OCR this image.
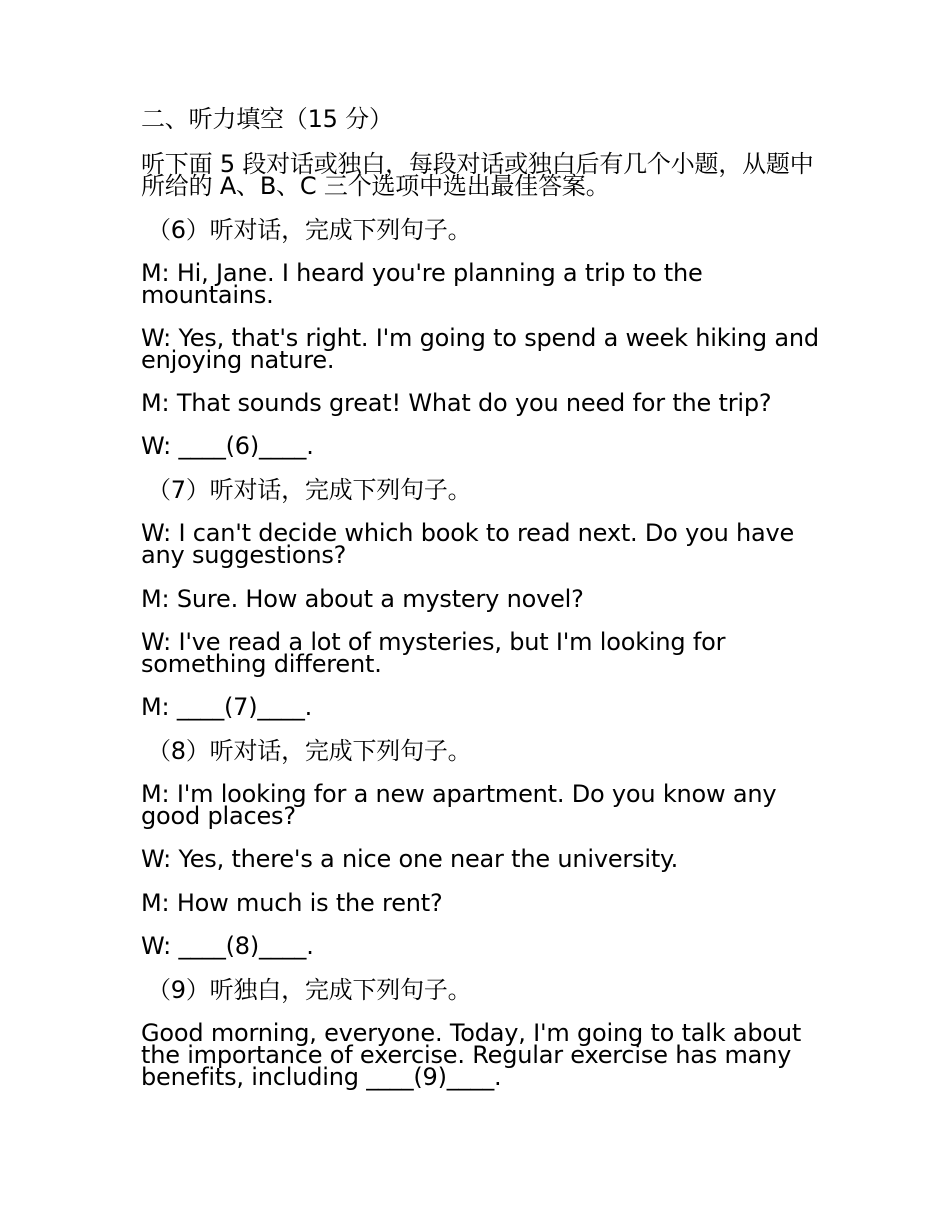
二、听力填空（15 分）

听下面 5 段对话或独白，每段对话或独白后有几个小题，从题中所给的 A、B、C 三个选项中选出最佳答案。

（6）听对话，完成下列句子。

M: Hi, Jane. I heard you're planning a trip to the mountains.

W: Yes, that's right. I'm going to spend a week hiking and enjoying nature.

M: That sounds great! What do you need for the trip?

W: ____(6)____.

（7）听对话，完成下列句子。

W: I can't decide which book to read next. Do you have any suggestions?

M: Sure. How about a mystery novel?

W: I've read a lot of mysteries, but I'm looking for something different.

M: ____(7)____.

（8）听对话，完成下列句子。

M: I'm looking for a new apartment. Do you know any good places?

W: Yes, there's a nice one near the university.

M: How much is the rent?

W: ____(8)____.

（9）听独白，完成下列句子。

Good morning, everyone. Today, I'm going to talk about the importance of exercise. Regular exercise has many benefits, including ____(9)____.
